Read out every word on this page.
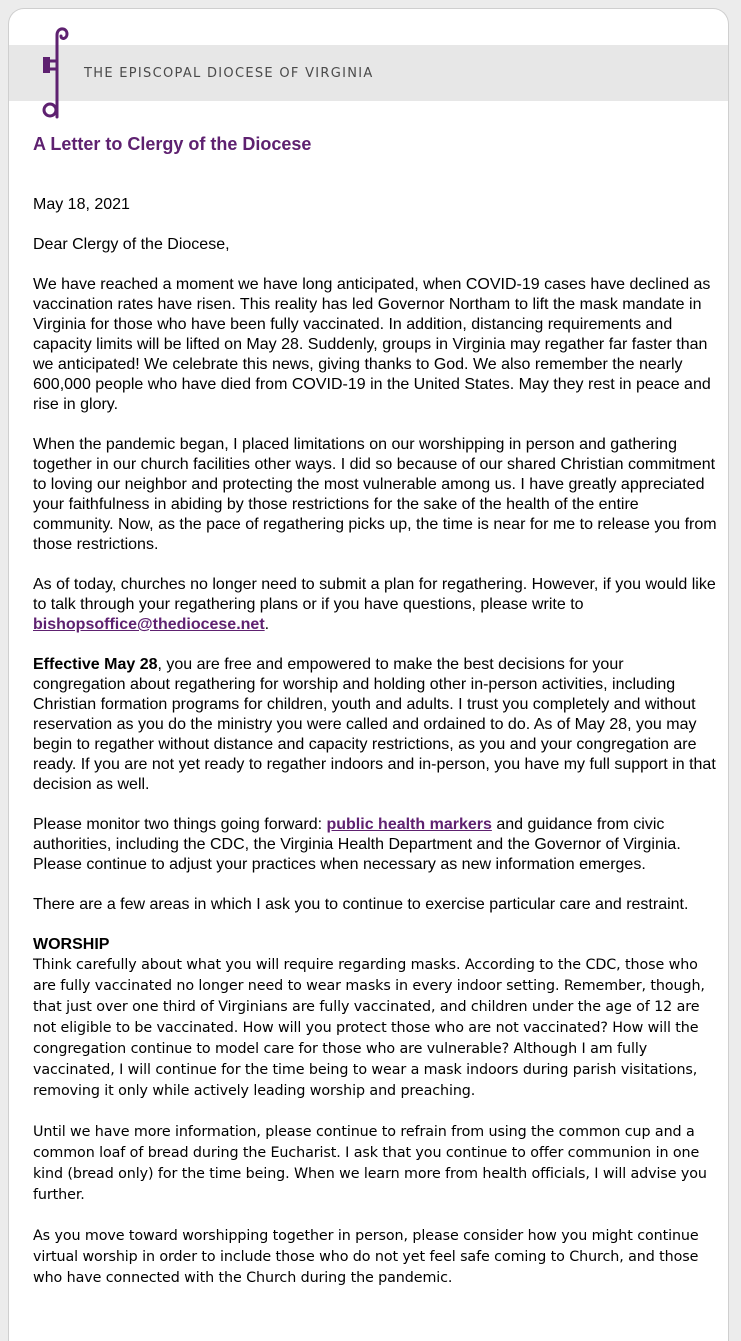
THE EPISCOPAL DIOCESE OF VIRGINIA
A Letter to Clergy of the Diocese

May 18, 2021

Dear Clergy of the Diocese,

We have reached a moment we have long anticipated, when COVID-19 cases have declined as vaccination rates have risen. This reality has led Governor Northam to lift the mask mandate in Virginia for those who have been fully vaccinated. In addition, distancing requirements and capacity limits will be lifted on May 28. Suddenly, groups in Virginia may regather far faster than we anticipated! We celebrate this news, giving thanks to God. We also remember the nearly 600,000 people who have died from COVID-19 in the United States. May they rest in peace and rise in glory.

When the pandemic began, I placed limitations on our worshipping in person and gathering together in our church facilities other ways. I did so because of our shared Christian commitment to loving our neighbor and protecting the most vulnerable among us. I have greatly appreciated your faithfulness in abiding by those restrictions for the sake of the health of the entire community. Now, as the pace of regathering picks up, the time is near for me to release you from those restrictions.

As of today, churches no longer need to submit a plan for regathering. However, if you would like to talk through your regathering plans or if you have questions, please write to bishopsoffice@thediocese.net.

Effective May 28, you are free and empowered to make the best decisions for your congregation about regathering for worship and holding other in-person activities, including Christian formation programs for children, youth and adults. I trust you completely and without reservation as you do the ministry you were called and ordained to do. As of May 28, you may begin to regather without distance and capacity restrictions, as you and your congregation are ready. If you are not yet ready to regather indoors and in-person, you have my full support in that decision as well.

Please monitor two things going forward: public health markers and guidance from civic authorities, including the CDC, the Virginia Health Department and the Governor of Virginia. Please continue to adjust your practices when necessary as new information emerges.

There are a few areas in which I ask you to continue to exercise particular care and restraint.

WORSHIP

Think carefully about what you will require regarding masks. According to the CDC, those who are fully vaccinated no longer need to wear masks in every indoor setting. Remember, though, that just over one third of Virginians are fully vaccinated, and children under the age of 12 are not eligible to be vaccinated. How will you protect those who are not vaccinated? How will the congregation continue to model care for those who are vulnerable? Although I am fully vaccinated, I will continue for the time being to wear a mask indoors during parish visitations, removing it only while actively leading worship and preaching.

Until we have more information, please continue to refrain from using the common cup and a common loaf of bread during the Eucharist. I ask that you continue to offer communion in one kind (bread only) for the time being. When we learn more from health officials, I will advise you further.

As you move toward worshipping together in person, please consider how you might continue virtual worship in order to include those who do not yet feel safe coming to Church, and those who have connected with the Church during the pandemic.
